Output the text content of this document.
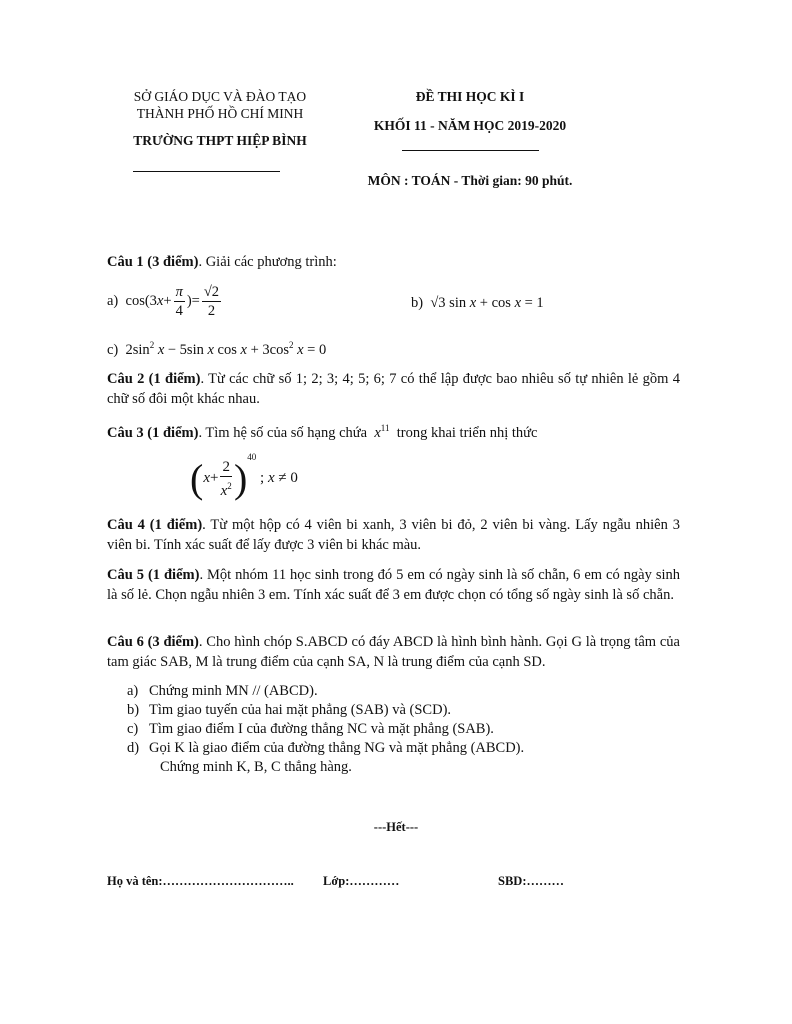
SỞ GIÁO DỤC VÀ ĐÀO TẠO
THÀNH PHỐ HỒ CHÍ MINH
TRƯỜNG THPT HIỆP BÌNH
ĐỀ THI HỌC KÌ I
KHỐI 11 - NĂM HỌC 2019-2020
MÔN : TOÁN - Thời gian: 90 phút.
Câu 1 (3 điểm). Giải các phương trình:
a) $\cos(3x+ \frac{\pi}{4}$ )= $\frac{√2}{2}$	b) √3 sin x + cos x = 1
c) $2\sin^2$ x − 5sin x $\cos x + 3\cos^2$ x = 0
Câu 2 (1 điểm). Từ các chữ số 1; 2; 3; 4; 5; 6; 7 có thể lập được bao nhiêu số tự nhiên lẻ gồm 4 chữ số đôi một khác nhau.
Câu 3 (1 điểm). Tìm hệ số của số hạng chứa $x^{11}$ trong khai triển nhị thức
$(x+ \frac{2}{x^2} )^{40}$ ; x ≠ 0
Câu 4 (1 điểm). Từ một hộp có 4 viên bi xanh, 3 viên bi đỏ, 2 viên bi vàng. Lấy ngẫu nhiên 3 viên bi. Tính xác suất để lấy được 3 viên bi khác màu.
Câu 5 (1 điểm). Một nhóm 11 học sinh trong đó 5 em có ngày sinh là số chẵn, 6 em có ngày sinh là số lẻ. Chọn ngẫu nhiên 3 em. Tính xác suất để 3 em được chọn có tổng số ngày sinh là số chẵn.
Câu 6 (3 điểm). Cho hình chóp S.ABCD có đáy ABCD là hình bình hành. Gọi G là trọng tâm của tam giác SAB, M là trung điểm của cạnh SA, N là trung điểm của cạnh SD.
a) Chứng minh MN // (ABCD).
b) Tìm giao tuyến của hai mặt phẳng (SAB) và (SCD).
c) Tìm giao điểm I của đường thẳng NC và mặt phẳng (SAB).
d) Gọi K là giao điểm của đường thẳng NG và mặt phẳng (ABCD).
Chứng minh K, B, C thẳng hàng.
---Hết---
Họ và tên:………………………….. Lớp:…………	SBD:………
